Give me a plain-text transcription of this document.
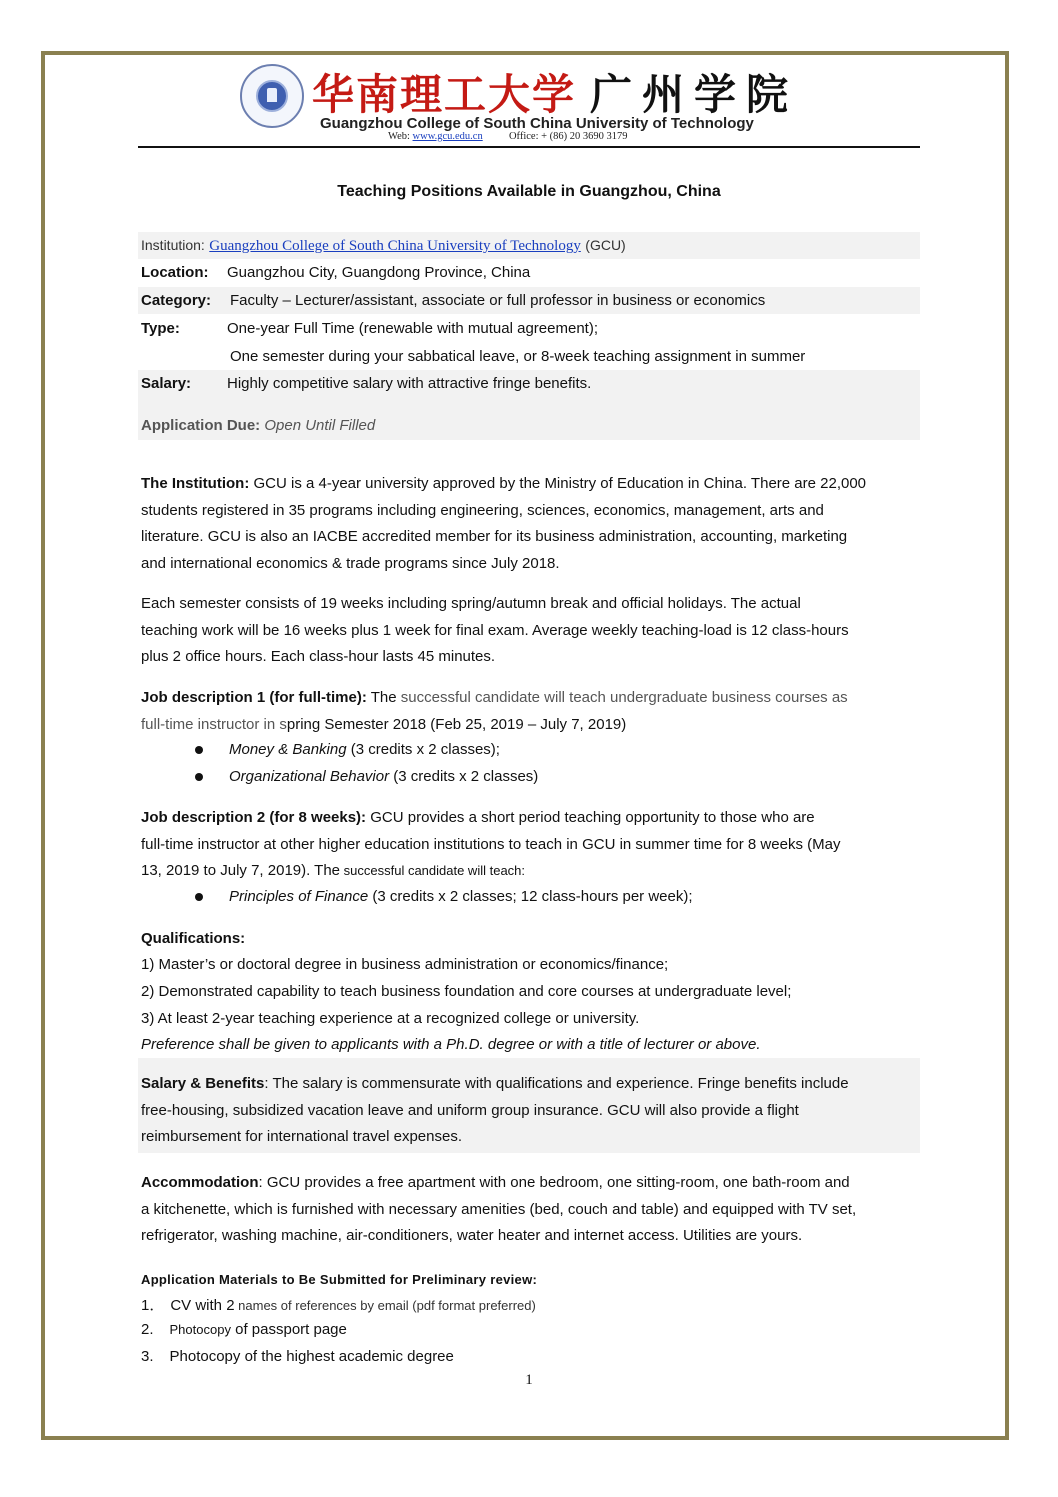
华南理工大学 广州学院
Guangzhou College of South China University of Technology
Web: www.gcu.edu.cn	Office: + (86) 20 3690 3179
Teaching Positions Available in Guangzhou, China
Institution: Guangzhou College of South China University of Technology (GCU)
Location: Guangzhou City, Guangdong Province, China
Category: Faculty – Lecturer/assistant, associate or full professor in business or economics
Type:	One-year Full Time (renewable with mutual agreement);
One semester during your sabbatical leave, or 8-week teaching assignment in summer
Salary: Highly competitive salary with attractive fringe benefits.
Application Due: Open Until Filled
The Institution: GCU is a 4-year university approved by the Ministry of Education in China. There are 22,000
students registered in 35 programs including engineering, sciences, economics, management, arts and
literature. GCU is also an IACBE accredited member for its business administration, accounting, marketing
and international economics & trade programs since July 2018.
Each semester consists of 19 weeks including spring/autumn break and official holidays. The actual
teaching work will be 16 weeks plus 1 week for final exam. Average weekly teaching-load is 12 class-hours
plus 2 office hours. Each class-hour lasts 45 minutes.
Job description 1 (for full-time): The successful candidate will teach undergraduate business courses as
full-time instructor in spring Semester 2018 (Feb 25, 2019 – July 7, 2019)
Money & Banking (3 credits x 2 classes);
Organizational Behavior (3 credits x 2 classes)
Job description 2 (for 8 weeks): GCU provides a short period teaching opportunity to those who are
full-time instructor at other higher education institutions to teach in GCU in summer time for 8 weeks (May
13, 2019 to July 7, 2019). The successful candidate will teach:
Principles of Finance (3 credits x 2 classes; 12 class-hours per week);
Qualifications:
1) Master’s or doctoral degree in business administration or economics/finance;
2) Demonstrated capability to teach business foundation and core courses at undergraduate level;
3) At least 2-year teaching experience at a recognized college or university.
Preference shall be given to applicants with a Ph.D. degree or with a title of lecturer or above.
Salary & Benefits: The salary is commensurate with qualifications and experience. Fringe benefits include
free-housing, subsidized vacation leave and uniform group insurance. GCU will also provide a flight
reimbursement for international travel expenses.
Accommodation: GCU provides a free apartment with one bedroom, one sitting-room, one bath-room and
a kitchenette, which is furnished with necessary amenities (bed, couch and table) and equipped with TV set,
refrigerator, washing machine, air-conditioners, water heater and internet access. Utilities are yours.
Application Materials to Be Submitted for Preliminary review:
1． CV with 2 names of references by email (pdf format preferred)
2. Photocopy of passport page
3. Photocopy of the highest academic degree
1
